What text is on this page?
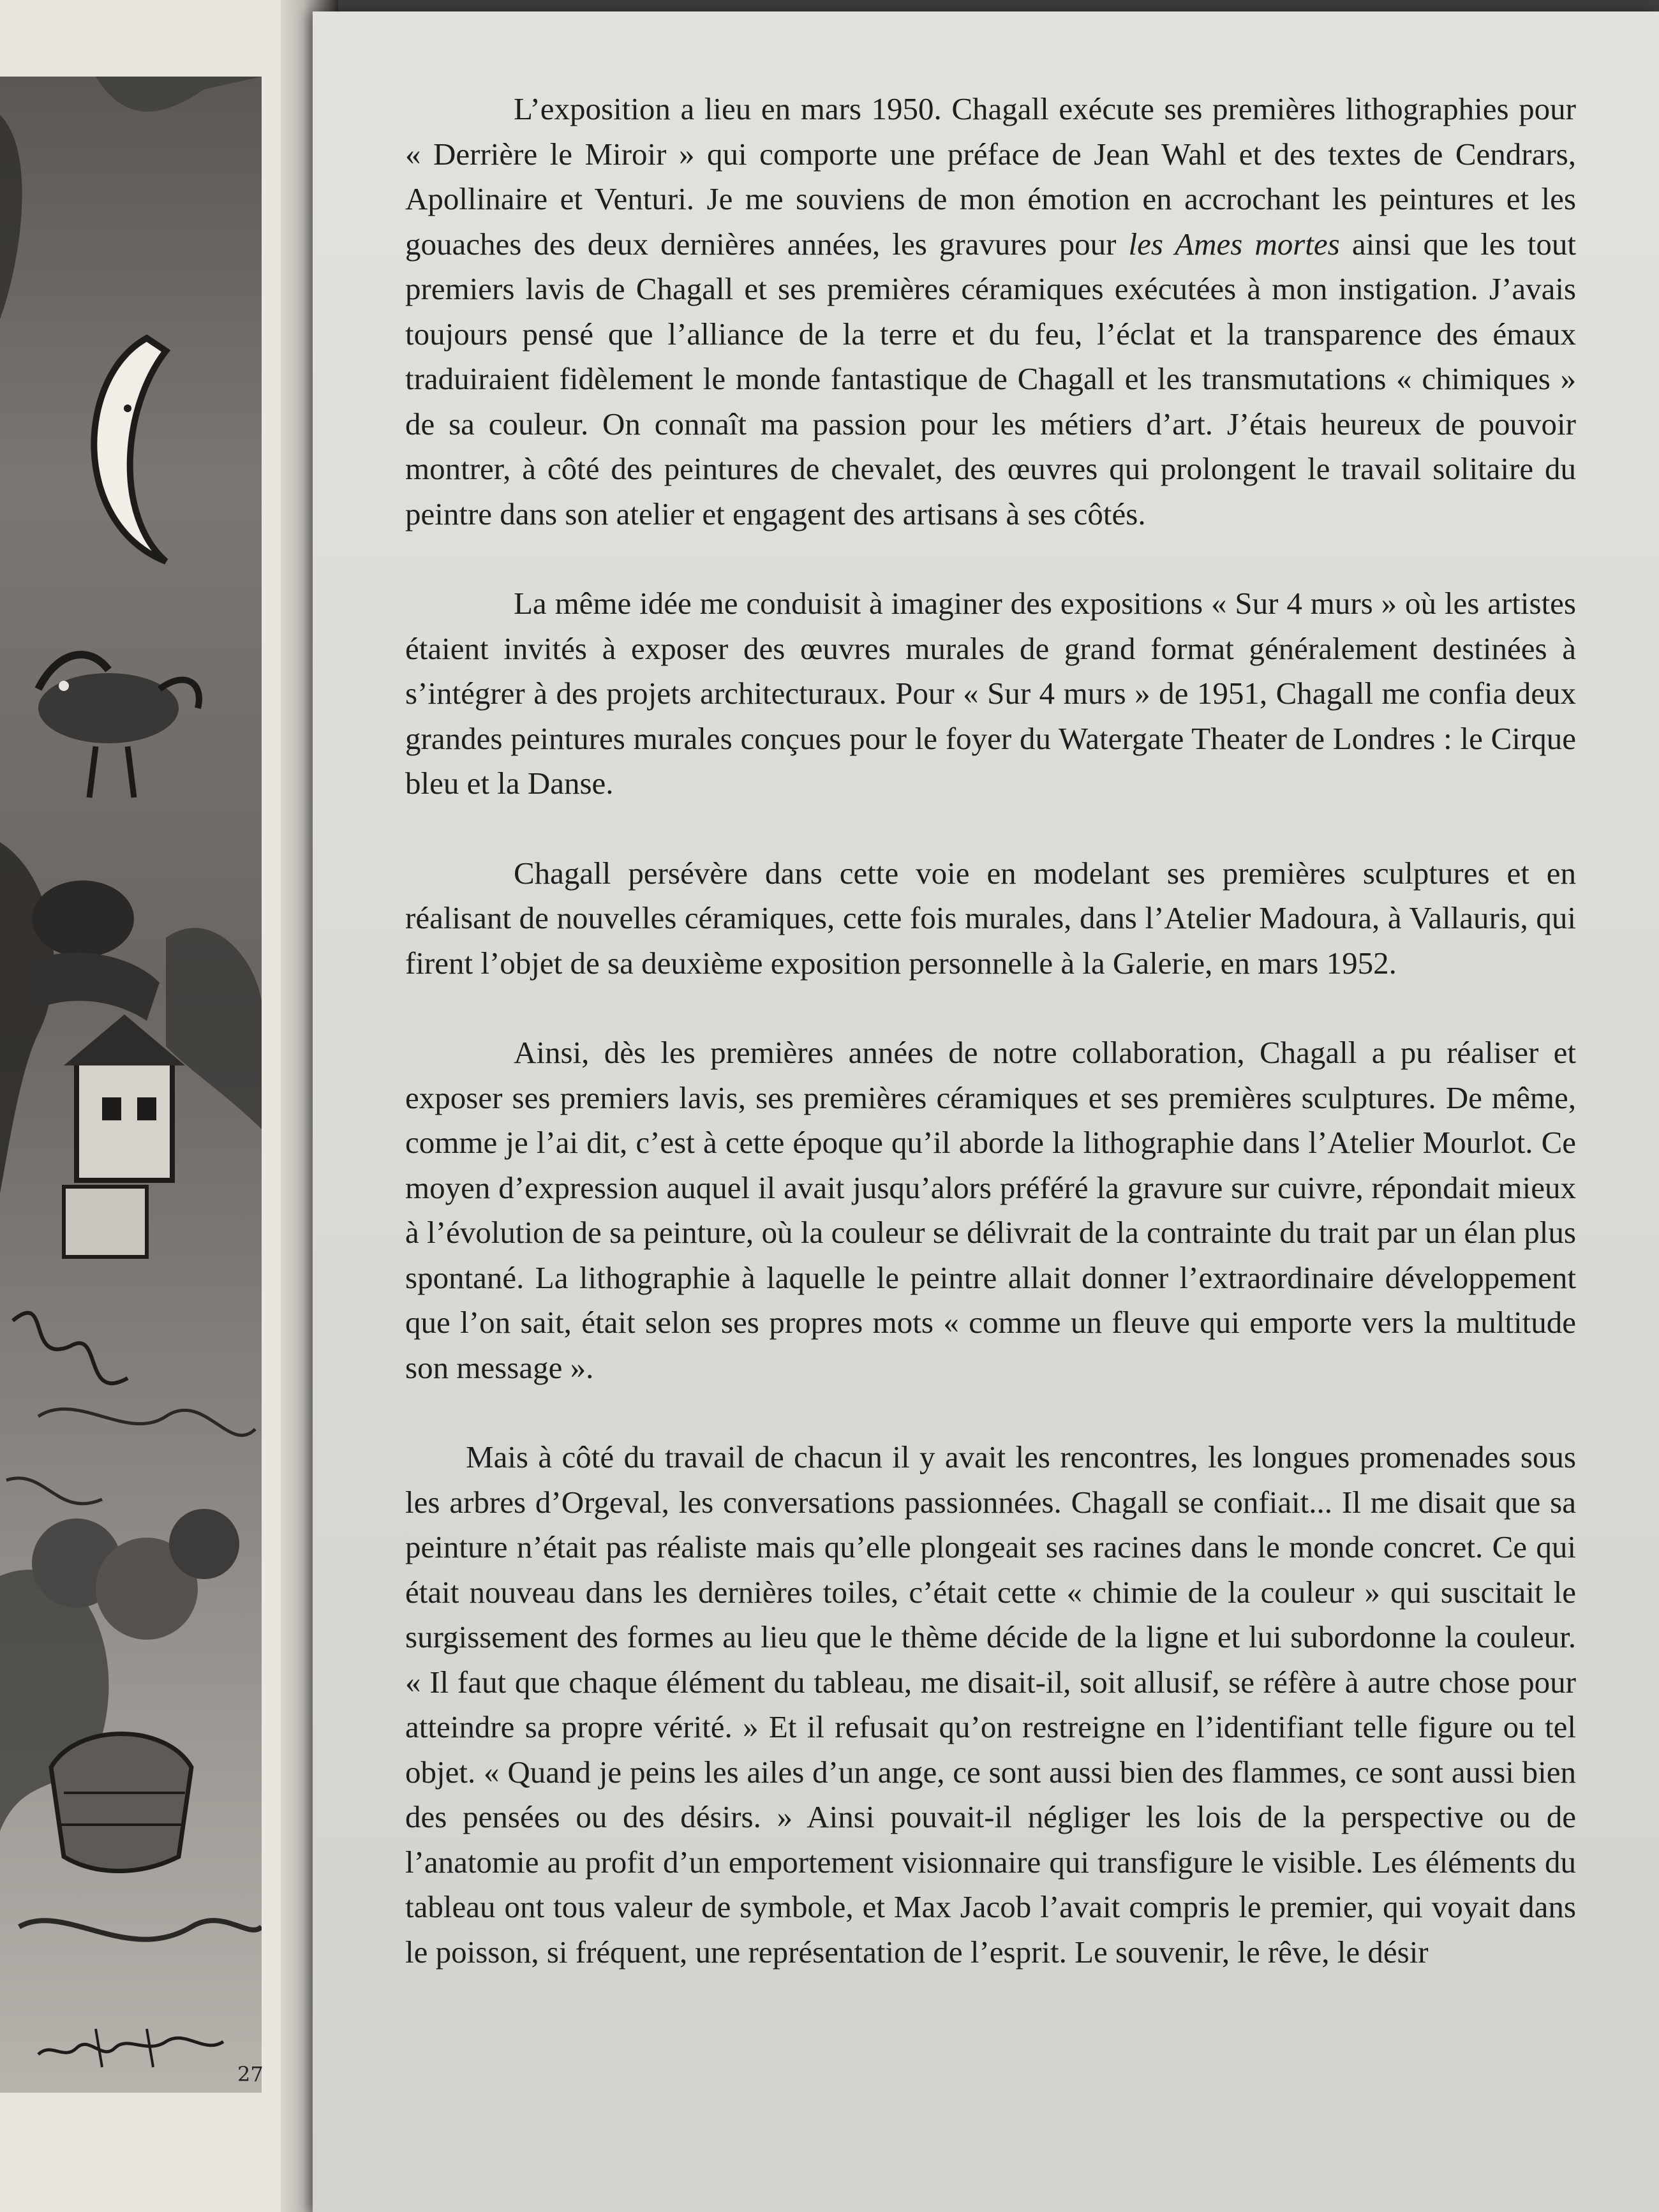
27

L’exposition a lieu en mars 1950. Chagall exécute ses premières lithographies pour « Derrière le Miroir » qui comporte une préface de Jean Wahl et des textes de Cendrars, Apollinaire et Venturi. Je me souviens de mon émotion en accrochant les peintures et les gouaches des deux dernières années, les gravures pour les Ames mortes ainsi que les tout premiers lavis de Chagall et ses premières céramiques exécutées à mon instigation. J’avais toujours pensé que l’alliance de la terre et du feu, l’éclat et la transparence des émaux traduiraient fidèlement le monde fantastique de Chagall et les transmutations « chimiques » de sa couleur. On connaît ma passion pour les métiers d’art. J’étais heureux de pouvoir montrer, à côté des peintures de chevalet, des œuvres qui prolongent le travail solitaire du peintre dans son atelier et engagent des artisans à ses côtés.

La même idée me conduisit à imaginer des expositions « Sur 4 murs » où les artistes étaient invités à exposer des œuvres murales de grand format généralement destinées à s’intégrer à des projets architecturaux. Pour « Sur 4 murs » de 1951, Chagall me confia deux grandes peintures murales conçues pour le foyer du Watergate Theater de Londres : le Cirque bleu et la Danse.

Chagall persévère dans cette voie en modelant ses premières sculptures et en réalisant de nouvelles céramiques, cette fois murales, dans l’Atelier Madoura, à Vallauris, qui firent l’objet de sa deuxième exposition personnelle à la Galerie, en mars 1952.

Ainsi, dès les premières années de notre collaboration, Chagall a pu réaliser et exposer ses premiers lavis, ses premières céramiques et ses premières sculptures. De même, comme je l’ai dit, c’est à cette époque qu’il aborde la lithographie dans l’Atelier Mourlot. Ce moyen d’expression auquel il avait jusqu’alors préféré la gravure sur cuivre, répondait mieux à l’évolution de sa peinture, où la couleur se délivrait de la contrainte du trait par un élan plus spontané. La lithographie à laquelle le peintre allait donner l’extraordinaire développement que l’on sait, était selon ses propres mots « comme un fleuve qui emporte vers la multitude son message ».

Mais à côté du travail de chacun il y avait les rencontres, les longues promenades sous les arbres d’Orgeval, les conversations passionnées. Chagall se confiait... Il me disait que sa peinture n’était pas réaliste mais qu’elle plongeait ses racines dans le monde concret. Ce qui était nouveau dans les dernières toiles, c’était cette « chimie de la couleur » qui suscitait le surgissement des formes au lieu que le thème décide de la ligne et lui subordonne la couleur. « Il faut que chaque élément du tableau, me disait-il, soit allusif, se réfère à autre chose pour atteindre sa propre vérité. » Et il refusait qu’on restreigne en l’identifiant telle figure ou tel objet. « Quand je peins les ailes d’un ange, ce sont aussi bien des flammes, ce sont aussi bien des pensées ou des désirs. » Ainsi pouvait-il négliger les lois de la perspective ou de l’anatomie au profit d’un emportement visionnaire qui transfigure le visible. Les éléments du tableau ont tous valeur de symbole, et Max Jacob l’avait compris le premier, qui voyait dans le poisson, si fréquent, une représentation de l’esprit. Le souvenir, le rêve, le désir
